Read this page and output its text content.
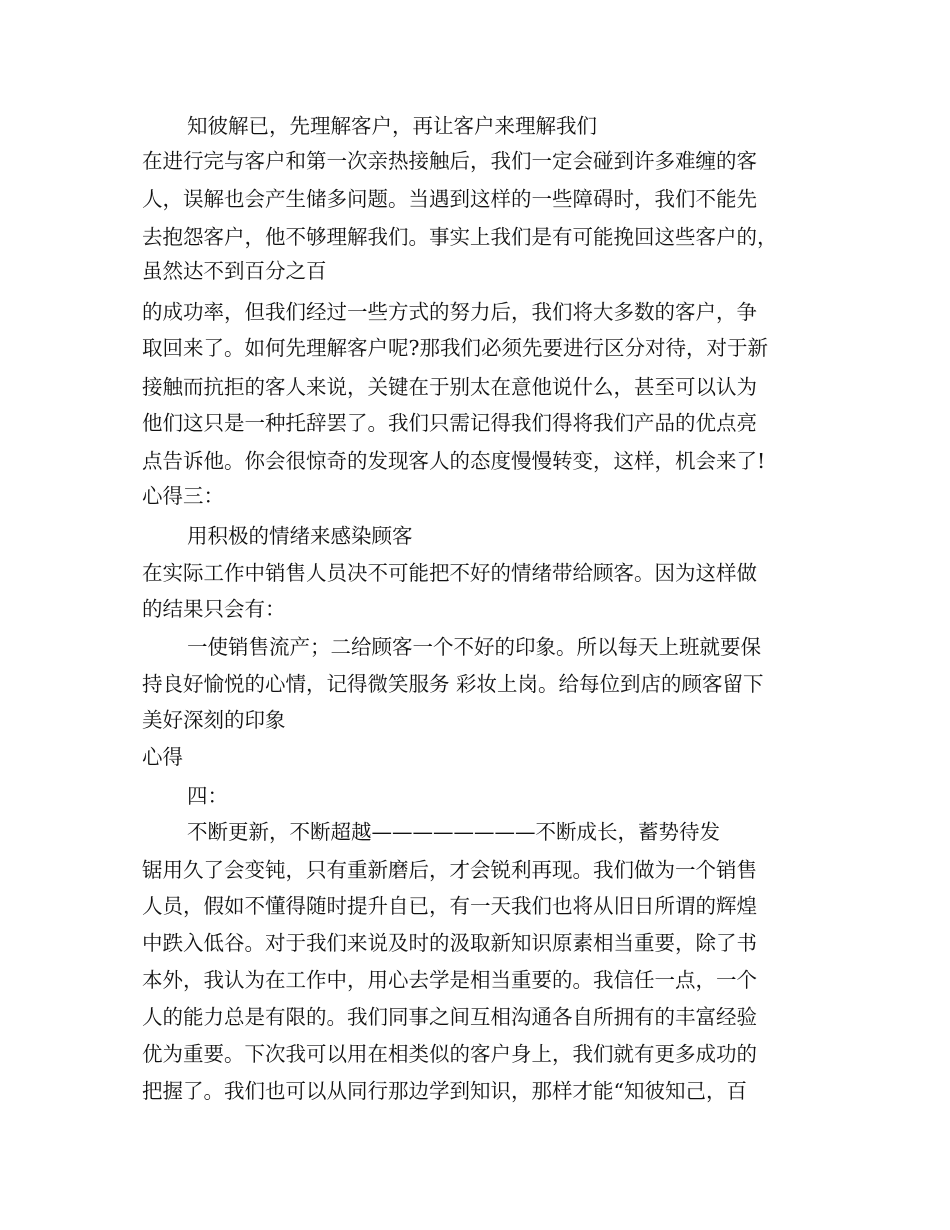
知彼解已，先理解客户，再让客户来理解我们

在进行完与客户和第一次亲热接触后，我们一定会碰到许多难缠的客

人，误解也会产生储多问题。当遇到这样的一些障碍时，我们不能先

去抱怨客户，他不够理解我们。事实上我们是有可能挽回这些客户的，

虽然达不到百分之百

的成功率，但我们经过一些方式的努力后，我们将大多数的客户，争

取回来了。如何先理解客户呢?那我们必须先要进行区分对待，对于新

接触而抗拒的客人来说，关键在于别太在意他说什么，甚至可以认为

他们这只是一种托辞罢了。我们只需记得我们得将我们产品的优点亮

点告诉他。你会很惊奇的发现客人的态度慢慢转变，这样，机会来了!

心得三：

用积极的情绪来感染顾客

在实际工作中销售人员决不可能把不好的情绪带给顾客。因为这样做

的结果只会有：

一使销售流产；二给顾客一个不好的印象。所以每天上班就要保

持良好愉悦的心情，记得微笑服务 彩妆上岗。给每位到店的顾客留下

美好深刻的印象

心得

四：

不断更新，不断超越————————不断成长，蓄势待发

锯用久了会变钝，只有重新磨后，才会锐利再现。我们做为一个销售

人员，假如不懂得随时提升自已，有一天我们也将从旧日所谓的辉煌

中跌入低谷。对于我们来说及时的汲取新知识原素相当重要，除了书

本外，我认为在工作中，用心去学是相当重要的。我信任一点，一个

人的能力总是有限的。我们同事之间互相沟通各自所拥有的丰富经验

优为重要。下次我可以用在相类似的客户身上，我们就有更多成功的

把握了。我们也可以从同行那边学到知识，那样才能“知彼知己，百
